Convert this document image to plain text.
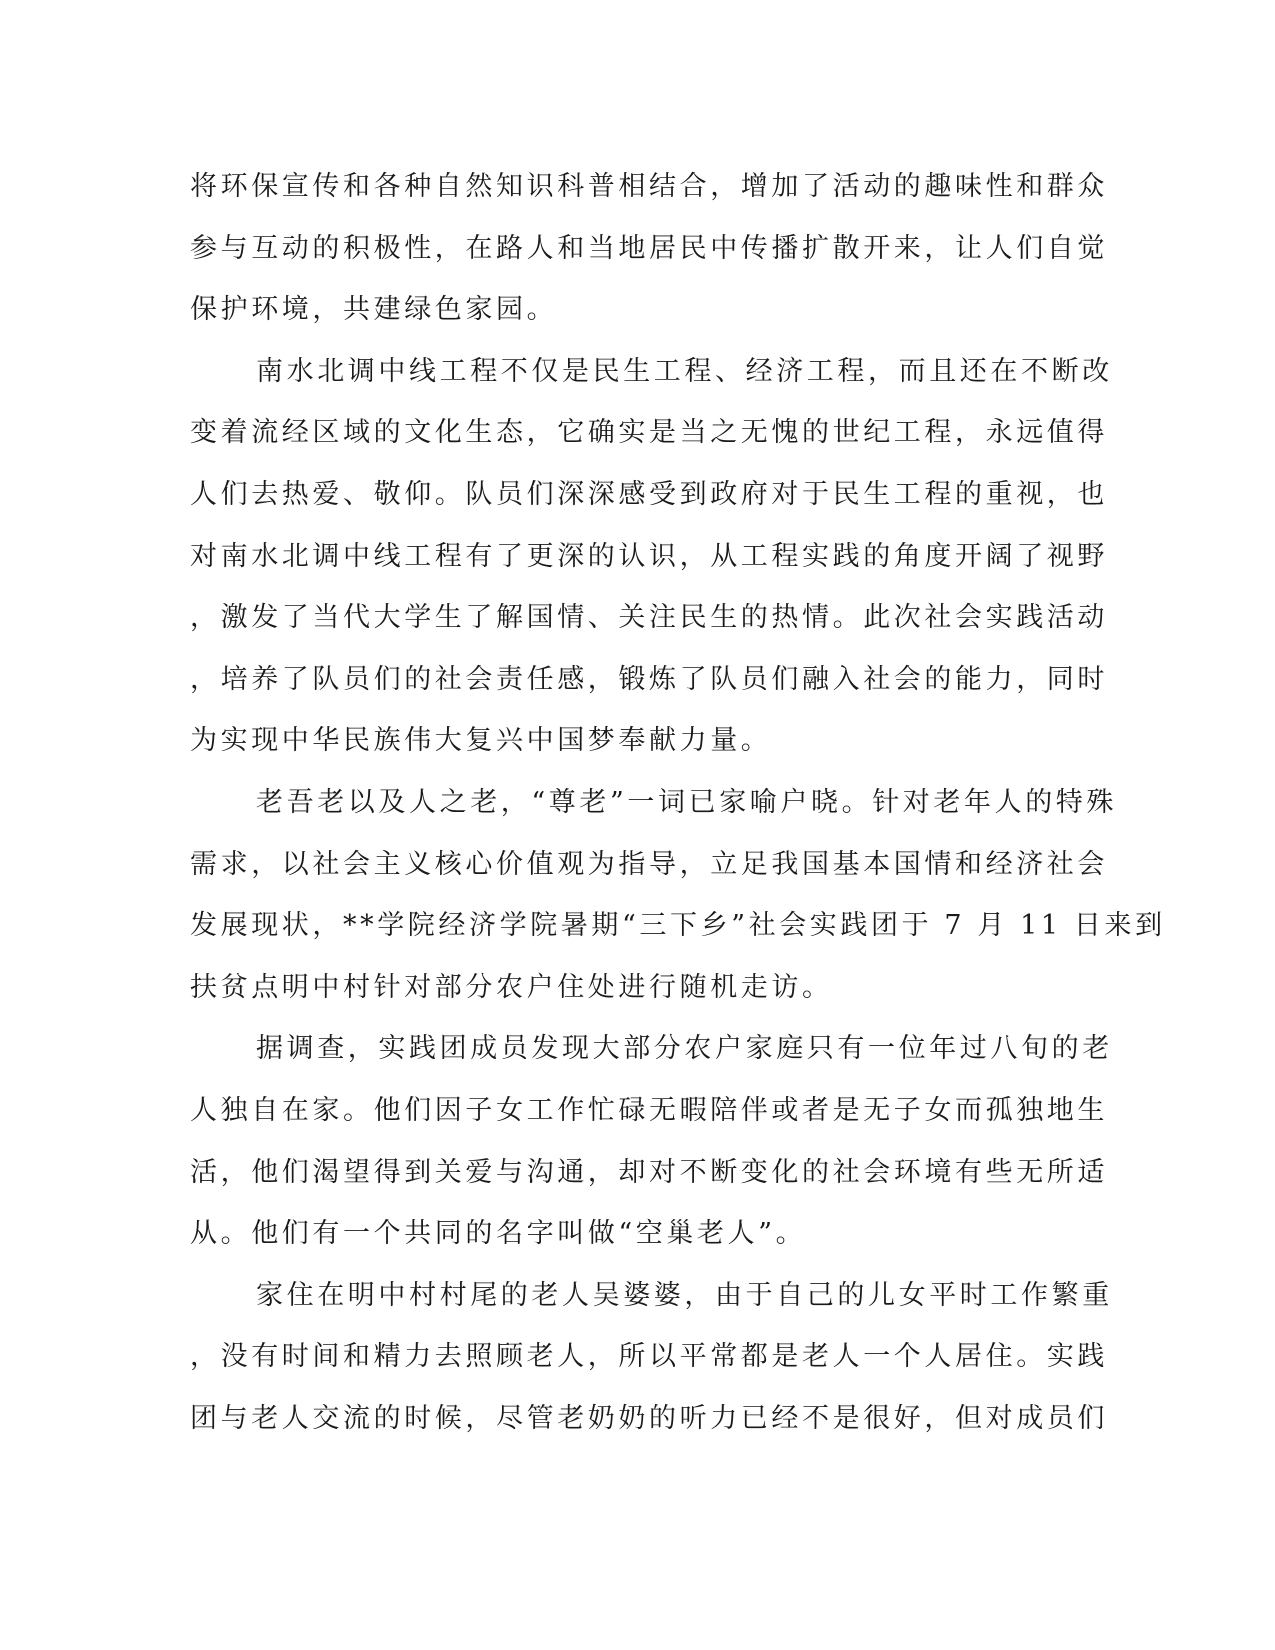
将环保宣传和各种自然知识科普相结合，增加了活动的趣味性和群众
参与互动的积极性，在路人和当地居民中传播扩散开来，让人们自觉
保护环境，共建绿色家园。
南水北调中线工程不仅是民生工程、经济工程，而且还在不断改
变着流经区域的文化生态，它确实是当之无愧的世纪工程，永远值得
人们去热爱、敬仰。队员们深深感受到政府对于民生工程的重视，也
对南水北调中线工程有了更深的认识，从工程实践的角度开阔了视野
，激发了当代大学生了解国情、关注民生的热情。此次社会实践活动
，培养了队员们的社会责任感，锻炼了队员们融入社会的能力，同时
为实现中华民族伟大复兴中国梦奉献力量。
老吾老以及人之老，“尊老”一词已家喻户晓。针对老年人的特殊
需求，以社会主义核心价值观为指导，立足我国基本国情和经济社会
发展现状，**学院经济学院暑期“三下乡”社会实践团于 7 月 11 日来到
扶贫点明中村针对部分农户住处进行随机走访。
据调查，实践团成员发现大部分农户家庭只有一位年过八旬的老
人独自在家。他们因子女工作忙碌无暇陪伴或者是无子女而孤独地生
活，他们渴望得到关爱与沟通，却对不断变化的社会环境有些无所适
从。他们有一个共同的名字叫做“空巢老人”。
家住在明中村村尾的老人吴婆婆，由于自己的儿女平时工作繁重
，没有时间和精力去照顾老人，所以平常都是老人一个人居住。实践
团与老人交流的时候，尽管老奶奶的听力已经不是很好，但对成员们
